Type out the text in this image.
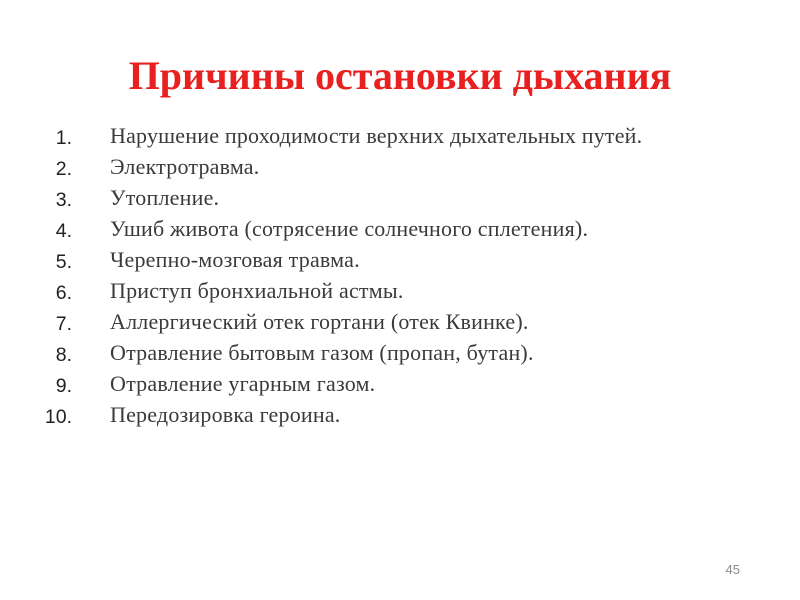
Причины остановки дыхания
1. Нарушение проходимости верхних дыхательных путей.
2. Электротравма.
3. Утопление.
4. Ушиб живота (сотрясение солнечного сплетения).
5. Черепно-мозговая травма.
6. Приступ бронхиальной астмы.
7. Аллергический отек гортани (отек Квинке).
8. Отравление бытовым газом (пропан, бутан).
9. Отравление угарным газом.
10. Передозировка героина.
45
